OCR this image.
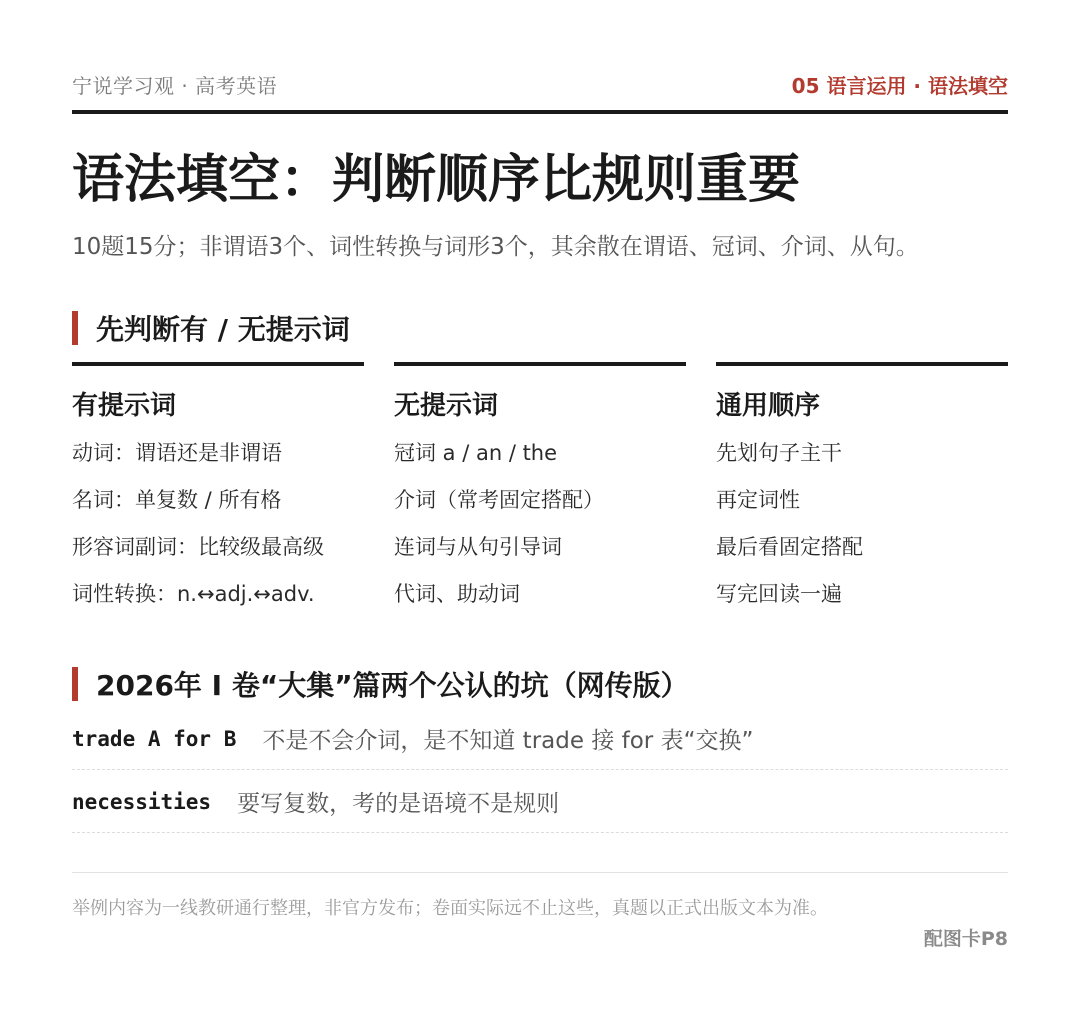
宁说学习观 · 高考英语	05 语言运用 · 语法填空
语法填空：判断顺序比规则重要

10题15分；非谓语3个、词性转换与词形3个，其余散在谓语、冠词、介词、从句。

先判断有 / 无提示词
有提示词
动词：谓语还是非谓语
名词：单复数 / 所有格
形容词副词：比较级最高级
词性转换：n.↔adj.↔adv.
无提示词
冠词 a / an / the
介词（常考固定搭配）
连词与从句引导词
代词、助动词
通用顺序
先划句子主干
再定词性
最后看固定搭配
写完回读一遍
2026年 I 卷“大集”篇两个公认的坑（网传版）
trade A for B 不是不会介词，是不知道 trade 接 for 表“交换”
necessities 要写复数，考的是语境不是规则

举例内容为一线教研通行整理，非官方发布；卷面实际远不止这些，真题以正式出版文本为准。

配图卡P8
